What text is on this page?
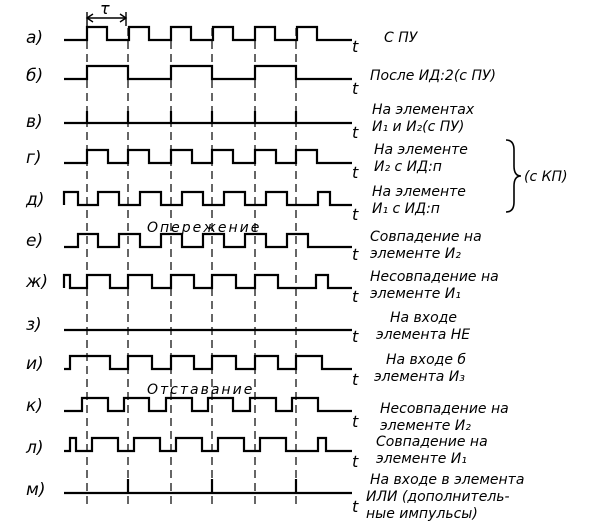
τ
Опережение
Отставание
(с КП)
а)
б)
в)
г)
д)
е)
ж)
з)
и)
к)
л)
м)
t
t
t
t
t
t
t
t
t
t
t
t
С ПУ
После ИД:2(с ПУ)
На элементах
И₁ и И₂(с ПУ)
На элементе
И₂ с ИД:п
На элементе
И₁ с ИД:п
Совпадение на
элементе И₂
Несовпадение на
элементе И₁
На входе
элемента НЕ
На входе б
элемента И₃
Несовпадение на
элементе И₂
Совпадение на
элементе И₁
На входе в элемента
ИЛИ (дополнитель-
ные импульсы)
